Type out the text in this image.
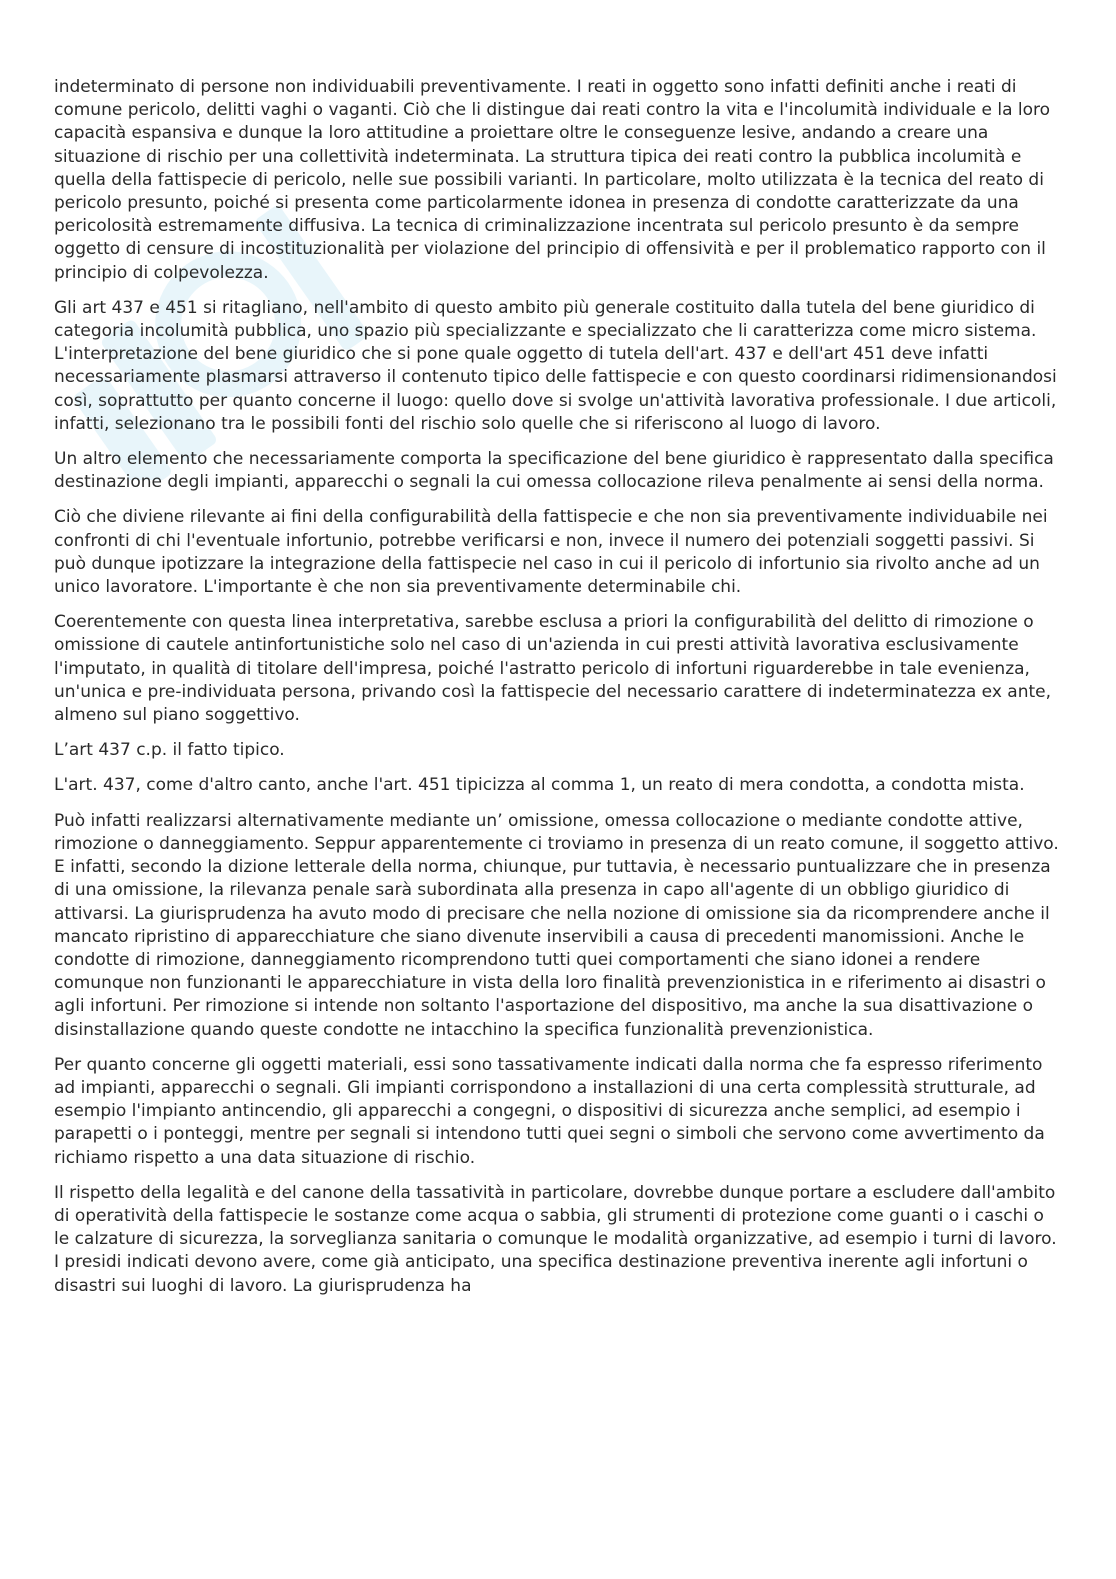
indeterminato di persone non individuabili preventivamente. I reati in oggetto sono infatti definiti anche i reati di comune pericolo, delitti vaghi o vaganti. Ciò che li distingue dai reati contro la vita e l'incolumità individuale e la loro capacità espansiva e dunque la loro attitudine a proiettare oltre le conseguenze lesive, andando a creare una situazione di rischio per una collettività indeterminata. La struttura tipica dei reati contro la pubblica incolumità e quella della fattispecie di pericolo, nelle sue possibili varianti. In particolare, molto utilizzata è la tecnica del reato di pericolo presunto, poiché si presenta come particolarmente idonea in presenza di condotte caratterizzate da una pericolosità estremamente diffusiva. La tecnica di criminalizzazione incentrata sul pericolo presunto è da sempre oggetto di censure di incostituzionalità per violazione del principio di offensività e per il problematico rapporto con il principio di colpevolezza.

Gli art 437 e 451 si ritagliano, nell'ambito di questo ambito più generale costituito dalla tutela del bene giuridico di categoria incolumità pubblica, uno spazio più specializzante e specializzato che li caratterizza come micro sistema. L'interpretazione del bene giuridico che si pone quale oggetto di tutela dell'art. 437 e dell'art 451 deve infatti necessariamente plasmarsi attraverso il contenuto tipico delle fattispecie e con questo coordinarsi ridimensionandosi così, soprattutto per quanto concerne il luogo: quello dove si svolge un'attività lavorativa professionale. I due articoli, infatti, selezionano tra le possibili fonti del rischio solo quelle che si riferiscono al luogo di lavoro.

Un altro elemento che necessariamente comporta la specificazione del bene giuridico è rappresentato dalla specifica destinazione degli impianti, apparecchi o segnali la cui omessa collocazione rileva penalmente ai sensi della norma.

Ciò che diviene rilevante ai fini della configurabilità della fattispecie e che non sia preventivamente individuabile nei confronti di chi l'eventuale infortunio, potrebbe verificarsi e non, invece il numero dei potenziali soggetti passivi. Si può dunque ipotizzare la integrazione della fattispecie nel caso in cui il pericolo di infortunio sia rivolto anche ad un unico lavoratore. L'importante è che non sia preventivamente determinabile chi.

Coerentemente con questa linea interpretativa, sarebbe esclusa a priori la configurabilità del delitto di rimozione o omissione di cautele antinfortunistiche solo nel caso di un'azienda in cui presti attività lavorativa esclusivamente l'imputato, in qualità di titolare dell'impresa, poiché l'astratto pericolo di infortuni riguarderebbe in tale evenienza, un'unica e pre-individuata persona, privando così la fattispecie del necessario carattere di indeterminatezza ex ante, almeno sul piano soggettivo.

L’art 437 c.p. il fatto tipico.

L'art. 437, come d'altro canto, anche l'art. 451 tipicizza al comma 1, un reato di mera condotta, a condotta mista.

Può infatti realizzarsi alternativamente mediante un’ omissione, omessa collocazione o mediante condotte attive, rimozione o danneggiamento. Seppur apparentemente ci troviamo in presenza di un reato comune, il soggetto attivo. E infatti, secondo la dizione letterale della norma, chiunque, pur tuttavia, è necessario puntualizzare che in presenza di una omissione, la rilevanza penale sarà subordinata alla presenza in capo all'agente di un obbligo giuridico di attivarsi. La giurisprudenza ha avuto modo di precisare che nella nozione di omissione sia da ricomprendere anche il mancato ripristino di apparecchiature che siano divenute inservibili a causa di precedenti manomissioni. Anche le condotte di rimozione, danneggiamento ricomprendono tutti quei comportamenti che siano idonei a rendere comunque non funzionanti le apparecchiature in vista della loro finalità prevenzionistica in e riferimento ai disastri o agli infortuni. Per rimozione si intende non soltanto l'asportazione del dispositivo, ma anche la sua disattivazione o disinstallazione quando queste condotte ne intacchino la specifica funzionalità prevenzionistica.

Per quanto concerne gli oggetti materiali, essi sono tassativamente indicati dalla norma che fa espresso riferimento ad impianti, apparecchi o segnali. Gli impianti corrispondono a installazioni di una certa complessità strutturale, ad esempio l'impianto antincendio, gli apparecchi a congegni, o dispositivi di sicurezza anche semplici, ad esempio i parapetti o i ponteggi, mentre per segnali si intendono tutti quei segni o simboli che servono come avvertimento da richiamo rispetto a una data situazione di rischio.

Il rispetto della legalità e del canone della tassatività in particolare, dovrebbe dunque portare a escludere dall'ambito di operatività della fattispecie le sostanze come acqua o sabbia, gli strumenti di protezione come guanti o i caschi o le calzature di sicurezza, la sorveglianza sanitaria o comunque le modalità organizzative, ad esempio i turni di lavoro. I presidi indicati devono avere, come già anticipato, una specifica destinazione preventiva inerente agli infortuni o disastri sui luoghi di lavoro. La giurisprudenza ha
